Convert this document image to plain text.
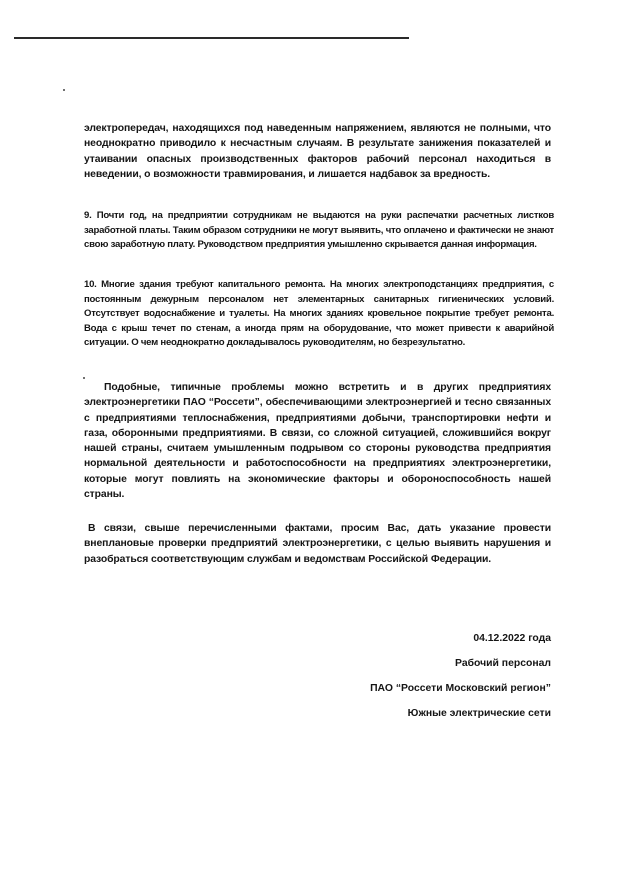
электропередач, находящихся под наведенным напряжением, являются не полными, что неоднократно приводило к несчастным случаям. В результате занижения показателей и утаивании опасных производственных факторов рабочий персонал находиться в неведении, о возможности травмирования, и лишается надбавок за вредность.

9. Почти год, на предприятии сотрудникам не выдаются на руки распечатки расчетных листков заработной платы. Таким образом сотрудники не могут выявить, что оплачено и фактически не знают свою заработную плату. Руководством предприятия умышленно скрывается данная информация.

10. Многие здания требуют капитального ремонта. На многих электроподстанциях предприятия, с постоянным дежурным персоналом нет элементарных санитарных гигиенических условий. Отсутствует водоснабжение и туалеты. На многих зданиях кровельное покрытие требует ремонта. Вода с крыш течет по стенам, а иногда прям на оборудование, что может привести к аварийной ситуации. О чем неоднократно докладывалось руководителям, но безрезультатно.

Подобные, типичные проблемы можно встретить и в других предприятиях электроэнергетики ПАО “Россети”, обеспечивающими электроэнергией и тесно связанных с предприятиями теплоснабжения, предприятиями добычи, транспортировки нефти и газа, оборонными предприятиями. В связи, со сложной ситуацией, сложившийся вокруг нашей страны, считаем умышленным подрывом со стороны руководства предприятия нормальной деятельности и работоспособности на предприятиях электроэнергетики, которые могут повлиять на экономические факторы и обороноспособность нашей страны.

В связи, свыше перечисленными фактами, просим Вас, дать указание провести внеплановые проверки предприятий электроэнергетики, с целью выявить нарушения и разобраться соответствующим службам и ведомствам Российской Федерации.

04.12.2022 года
Рабочий персонал
ПАО “Россети Московский регион”
Южные электрические сети
